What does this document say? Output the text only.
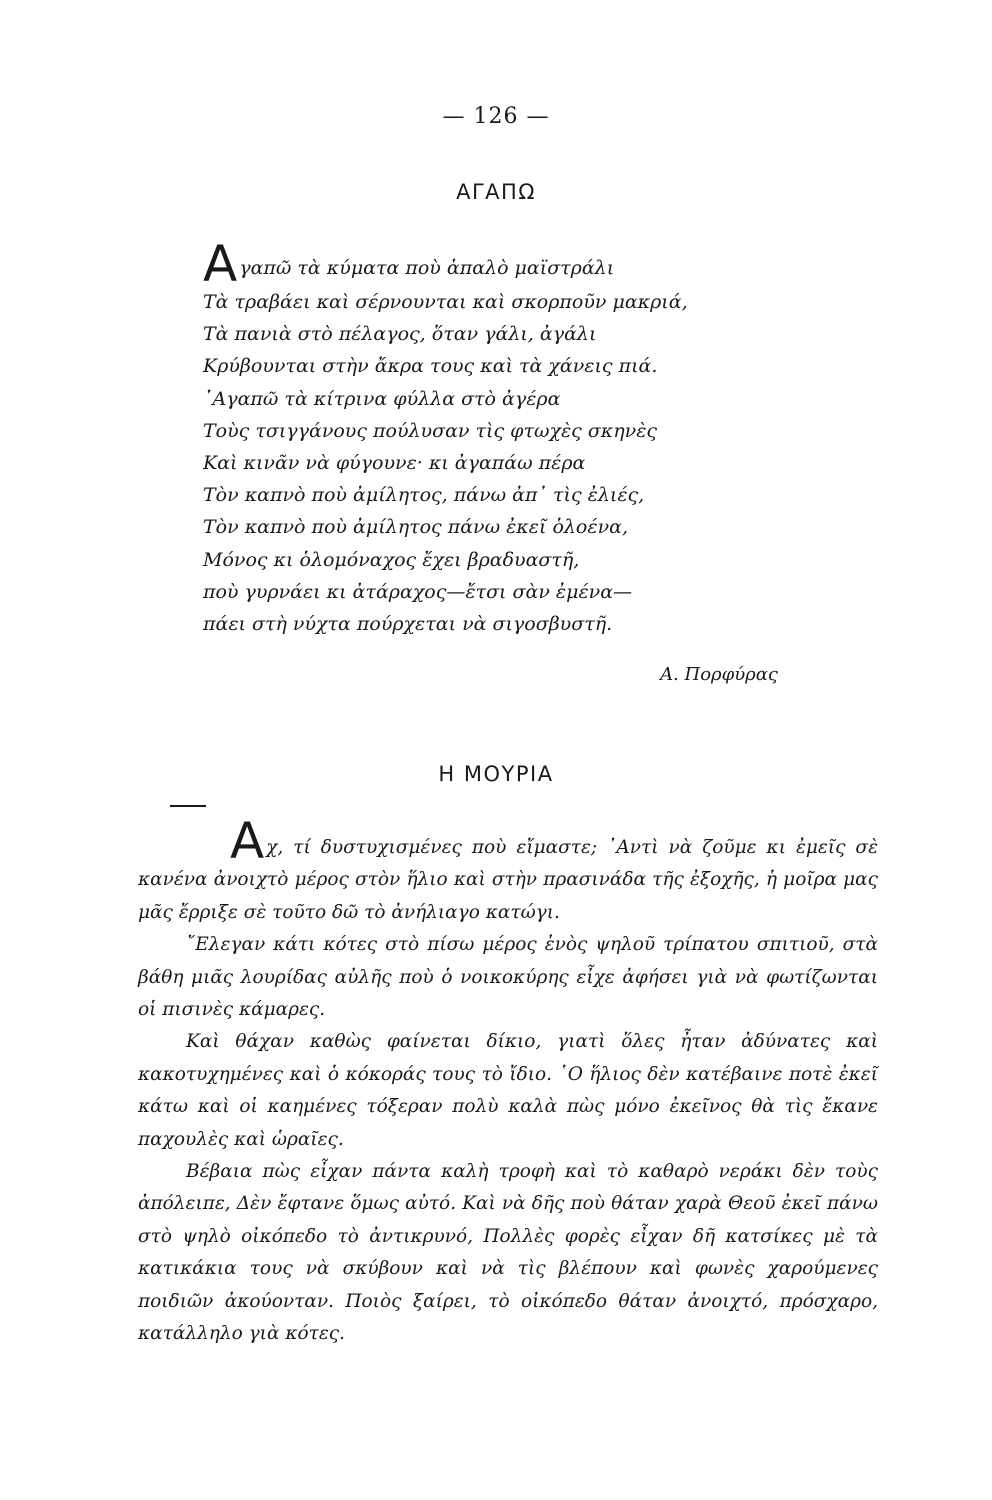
— 126 —
ΑΓΑΠΩ
Α γαπῶ τὰ κύματα ποὺ ἁπαλὸ μαϊστράλι
Τὰ τραβάει καὶ σέρνουνται καὶ σκορποῦν μακριά,
Τὰ πανιὰ στὸ πέλαγος, ὅταν γάλι, ἀγάλι
Κρύβουνται στὴν ἄκρα τους καὶ τὰ χάνεις πιά.
᾿Αγαπῶ τὰ κίτρινα φύλλα στὸ ἀγέρα
Τοὺς τσιγγάνους πούλυσαν τὶς φτωχὲς σκηνὲς
Καὶ κινᾶν νὰ φύγουνε· κι ἀγαπάω πέρα
Τὸν καπνὸ ποὺ ἀμίλητος, πάνω ἀπ᾿ τὶς ἐλιές,
Τὸν καπνὸ ποὺ ἀμίλητος πάνω ἐκεῖ ὁλοένα,
Μόνος κι ὁλομόναχος ἔχει βραδυαστῆ,
ποὺ γυρνάει κι ἀτάραχος—ἔτσι σὰν ἐμένα—
πάει στὴ νύχτα πούρχεται νὰ σιγοσβυστῆ.
Α. Πορφύρας
Η ΜΟΥΡΙΑ

Αχ, τί δυστυχισμένες ποὺ εἴμαστε; ᾿Αντὶ νὰ ζοῦμε κι ἐμεῖς σὲ κανένα ἀνοιχτὸ μέρος στὸν ἥλιο καὶ στὴν πρασινάδα τῆς ἐξοχῆς, ἡ μοῖρα μας μᾶς ἔρριξε σὲ τοῦτο δῶ τὸ ἀνήλιαγο κατώγι.

῎Ελεγαν κάτι κότες στὸ πίσω μέρος ἑνὸς ψηλοῦ τρίπατου σπιτιοῦ, στὰ βάθη μιᾶς λουρίδας αὐλῆς ποὺ ὁ νοικοκύρης εἶχε ἀφήσει γιὰ νὰ φωτίζωνται οἱ πισινὲς κάμαρες.

Καὶ θάχαν καθὼς φαίνεται δίκιο, γιατὶ ὅλες ἦταν ἀδύνατες καὶ κακοτυχημένες καὶ ὁ κόκοράς τους τὸ ἴδιο. ῾Ο ἥλιος δὲν κατέβαινε ποτὲ ἐκεῖ κάτω καὶ οἱ καημένες τόξεραν πολὺ καλὰ πὼς μόνο ἐκεῖνος θὰ τὶς ἔκανε παχουλὲς καὶ ὡραῖες.

Βέβαια πὼς εἶχαν πάντα καλὴ τροφὴ καὶ τὸ καθαρὸ νεράκι δὲν τοὺς ἀπόλειπε, Δὲν ἔφτανε ὅμως αὐτό. Καὶ νὰ δῆς ποὺ θάταν χαρὰ Θεοῦ ἐκεῖ πάνω στὸ ψηλὸ οἰκόπεδο τὸ ἀντικρυνό, Πολλὲς φορὲς εἶχαν δῆ κατσίκες μὲ τὰ κατικάκια τους νὰ σκύβουν καὶ νὰ τὶς βλέπουν καὶ φωνὲς χαρούμενες ποιδιῶν ἀκούονταν. Ποιὸς ξαίρει, τὸ οἰκόπεδο θάταν ἀνοιχτό, πρόσχαρο, κατάλληλο γιὰ κότες.
